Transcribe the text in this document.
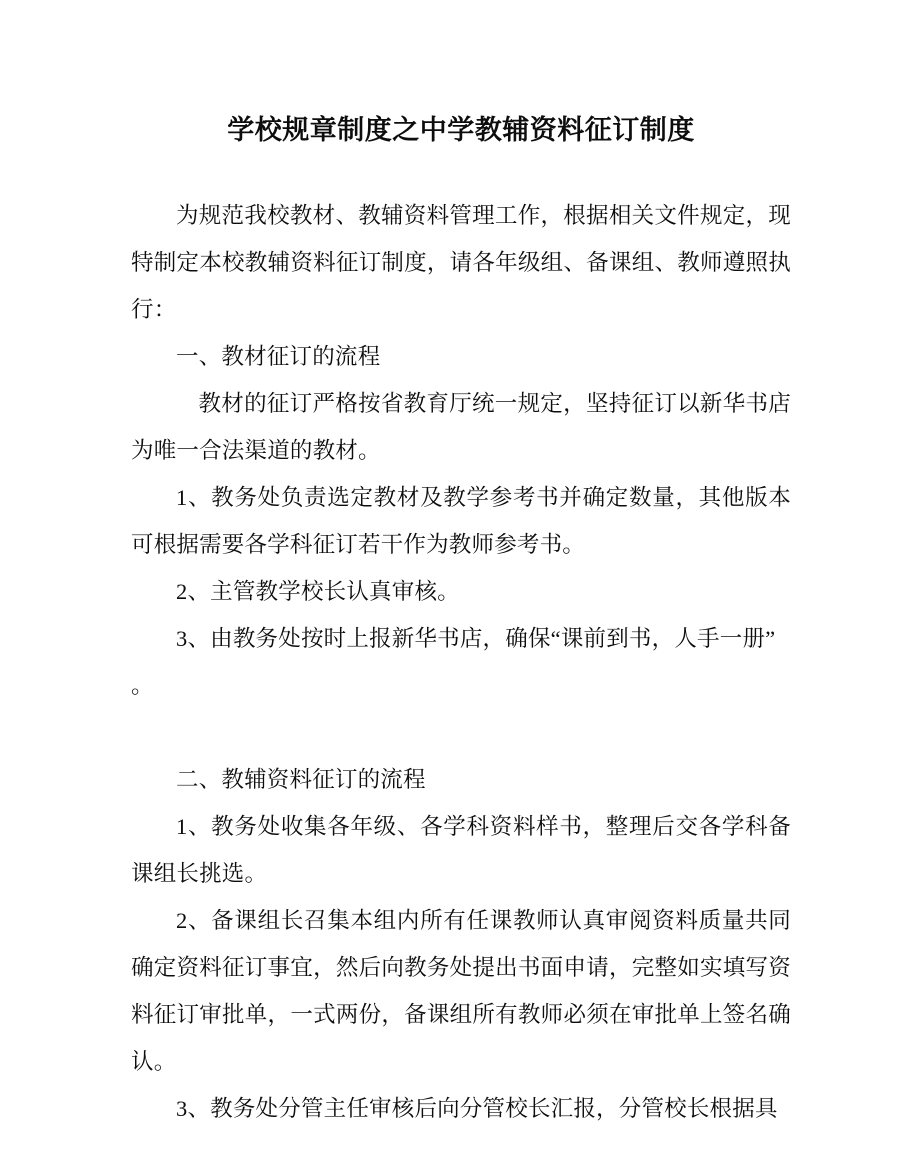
学校规章制度之中学教辅资料征订制度

为规范我校教材、教辅资料管理工作，根据相关文件规定，现特制定本校教辅资料征订制度，请各年级组、备课组、教师遵照执行：

一、教材征订的流程

教材的征订严格按省教育厅统一规定，坚持征订以新华书店为唯一合法渠道的教材。

1、教务处负责选定教材及教学参考书并确定数量，其他版本可根据需要各学科征订若干作为教师参考书。

2、主管教学校长认真审核。

3、由教务处按时上报新华书店，确保“课前到书，人手一册”

。

二、教辅资料征订的流程

1、教务处收集各年级、各学科资料样书，整理后交各学科备课组长挑选。

2、备课组长召集本组内所有任课教师认真审阅资料质量共同确定资料征订事宜，然后向教务处提出书面申请，完整如实填写资料征订审批单，一式两份，备课组所有教师必须在审批单上签名确认。

3、教务处分管主任审核后向分管校长汇报，分管校长根据具
